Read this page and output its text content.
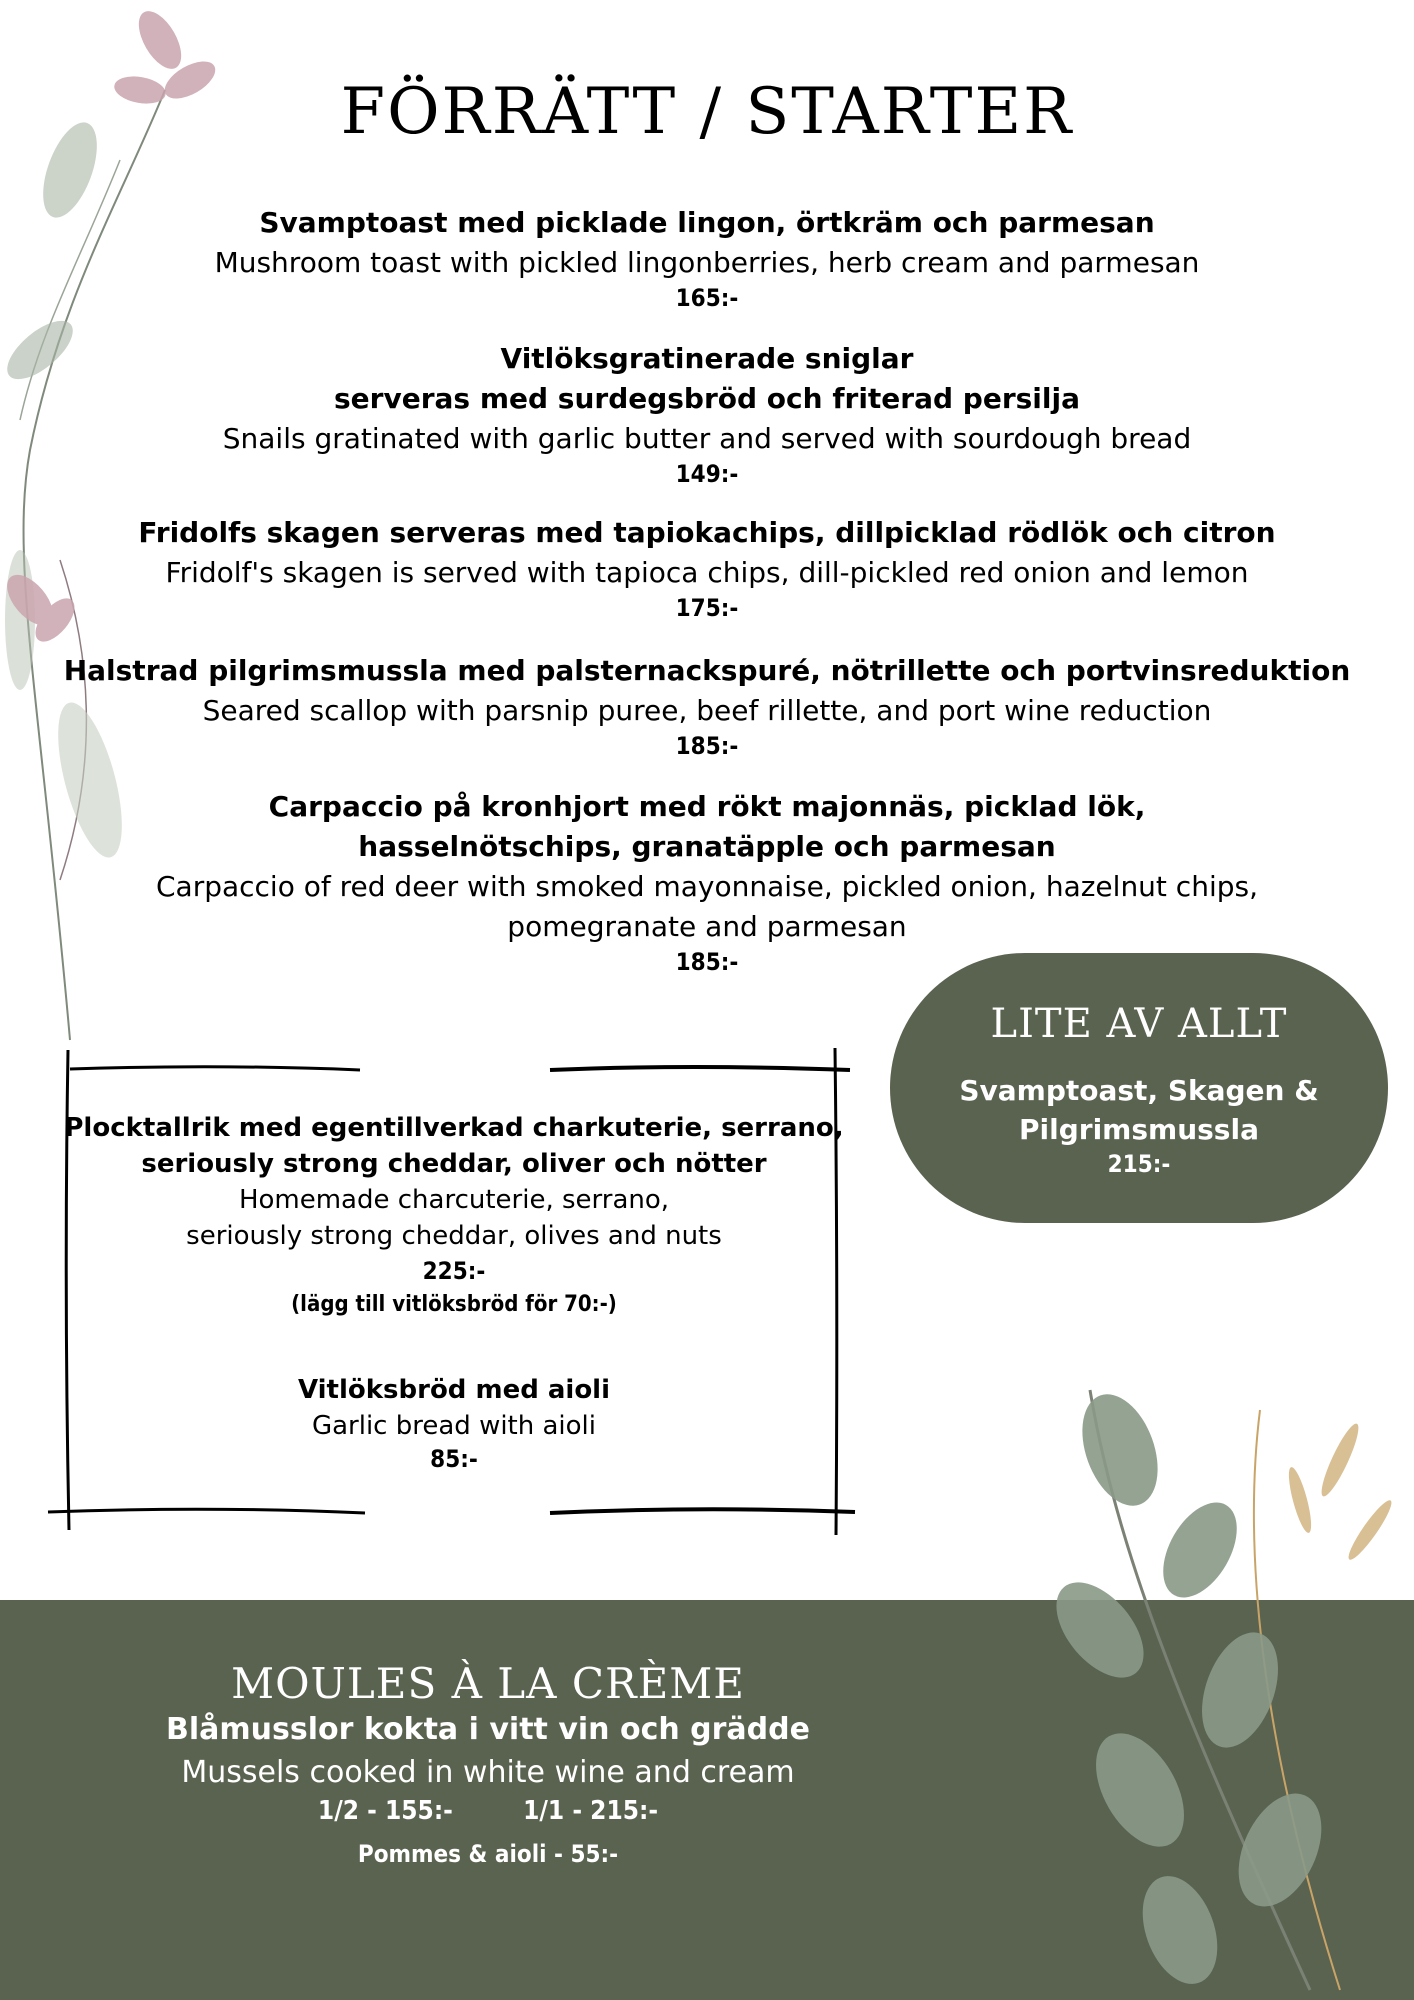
FÖRRÄTT / STARTER
Svamptoast med picklade lingon, örtkräm och parmesan
Mushroom toast with pickled lingonberries, herb cream and parmesan
165:-
Vitlöksgratinerade sniglar
serveras med surdegsbröd och friterad persilja
Snails gratinated with garlic butter and served with sourdough bread
149:-
Fridolfs skagen serveras med tapiokachips, dillpicklad rödlök och citron
Fridolf's skagen is served with tapioca chips, dill-pickled red onion and lemon
175:-
Halstrad pilgrimsmussla med palsternackspuré, nötrillette och portvinsreduktion
Seared scallop with parsnip puree, beef rillette, and port wine reduction
185:-
Carpaccio på kronhjort med rökt majonnäs, picklad lök,
hasselnötschips, granatäpple och parmesan
Carpaccio of red deer with smoked mayonnaise, pickled onion, hazelnut chips,
pomegranate and parmesan
185:-
LITE AV ALLT
Svamptoast, Skagen &
Pilgrimsmussla
215:-
Plocktallrik med egentillverkad charkuterie, serrano,
seriously strong cheddar, oliver och nötter
Homemade charcuterie, serrano,
seriously strong cheddar, olives and nuts
225:-
(lägg till vitlöksbröd för 70:-)
Vitlöksbröd med aioli
Garlic bread with aioli
85:-
MOULES À LA CRÈME
Blåmusslor kokta i vitt vin och grädde
Mussels cooked in white wine and cream
1/2 - 155:-	1/1 - 215:-
Pommes & aioli - 55:-
